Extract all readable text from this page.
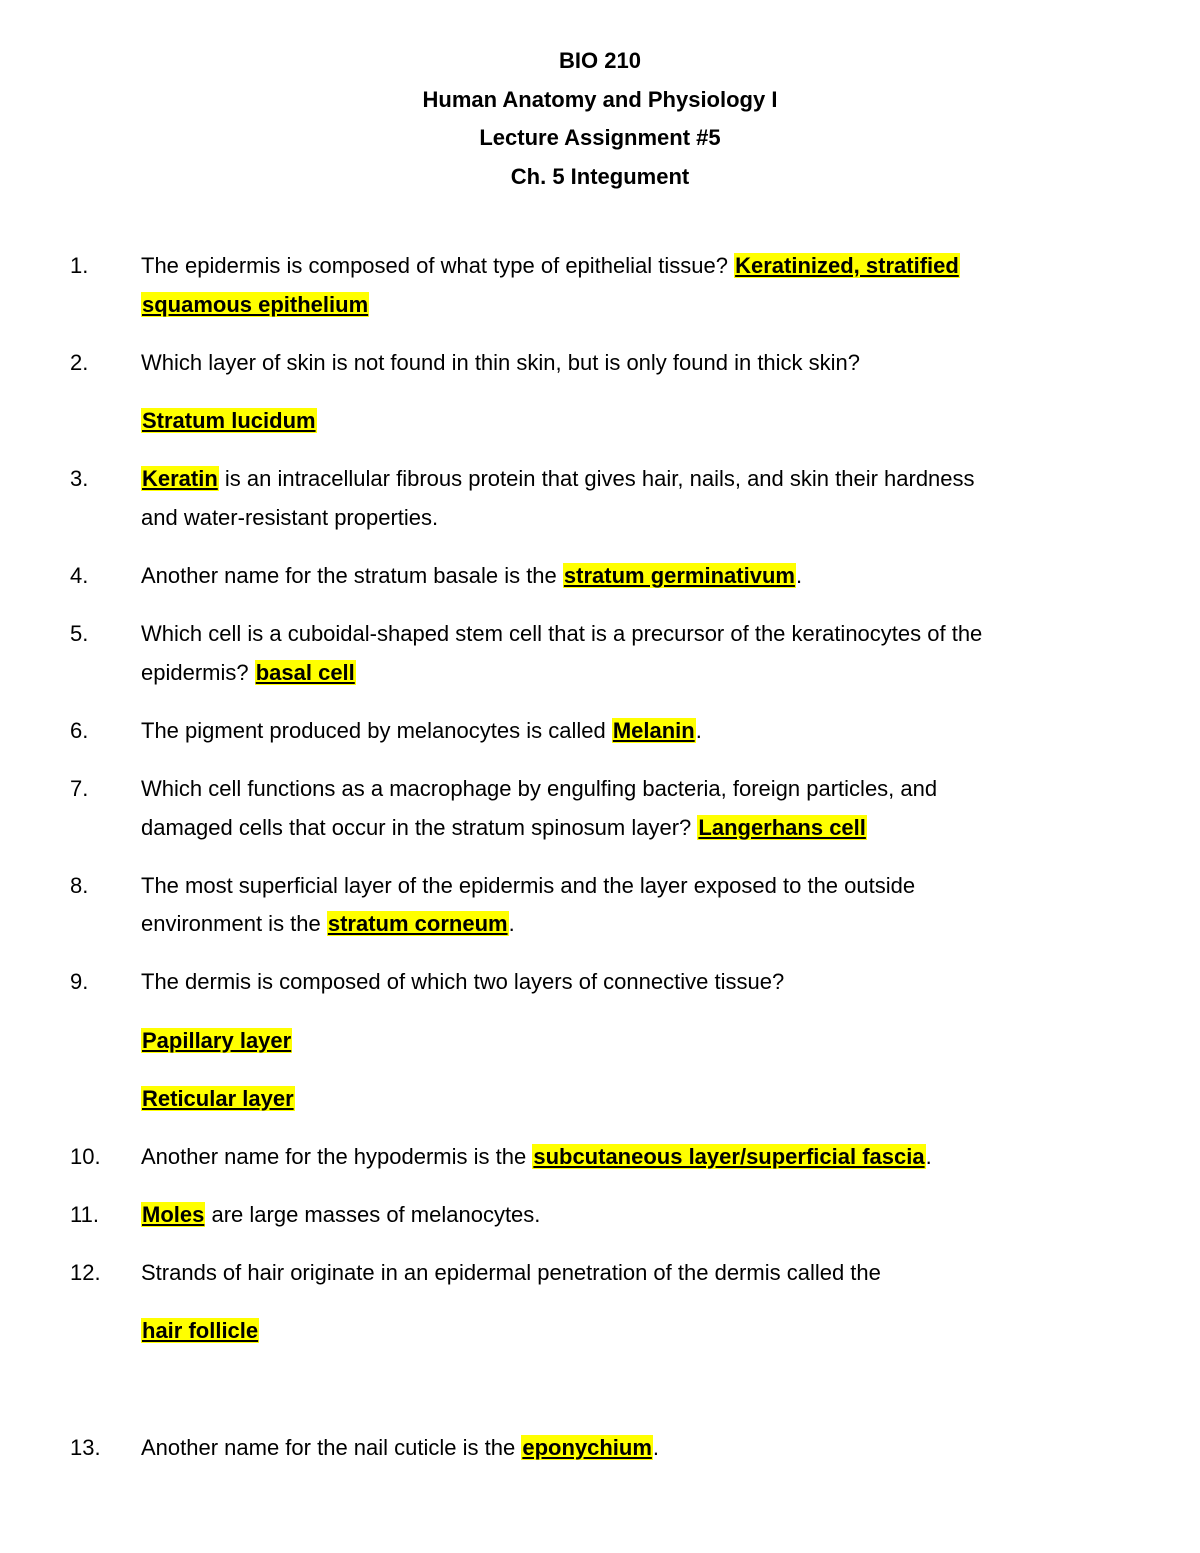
BIO 210
Human Anatomy and Physiology I
Lecture Assignment #5
Ch. 5 Integument
1. The epidermis is composed of what type of epithelial tissue? Keratinized, stratified
squamous epithelium
2. Which layer of skin is not found in thin skin, but is only found in thick skin?
Stratum lucidum
3. Keratin is an intracellular fibrous protein that gives hair, nails, and skin their hardness
and water-resistant properties.
4. Another name for the stratum basale is the stratum germinativum.
5. Which cell is a cuboidal-shaped stem cell that is a precursor of the keratinocytes of the
epidermis? basal cell
6. The pigment produced by melanocytes is called Melanin.
7. Which cell functions as a macrophage by engulfing bacteria, foreign particles, and
damaged cells that occur in the stratum spinosum layer? Langerhans cell
8. The most superficial layer of the epidermis and the layer exposed to the outside
environment is the stratum corneum.
9. The dermis is composed of which two layers of connective tissue?
Papillary layer
Reticular layer
10. Another name for the hypodermis is the subcutaneous layer/superficial fascia.
11. Moles are large masses of melanocytes.
12. Strands of hair originate in an epidermal penetration of the dermis called the
hair follicle
13. Another name for the nail cuticle is the eponychium.
